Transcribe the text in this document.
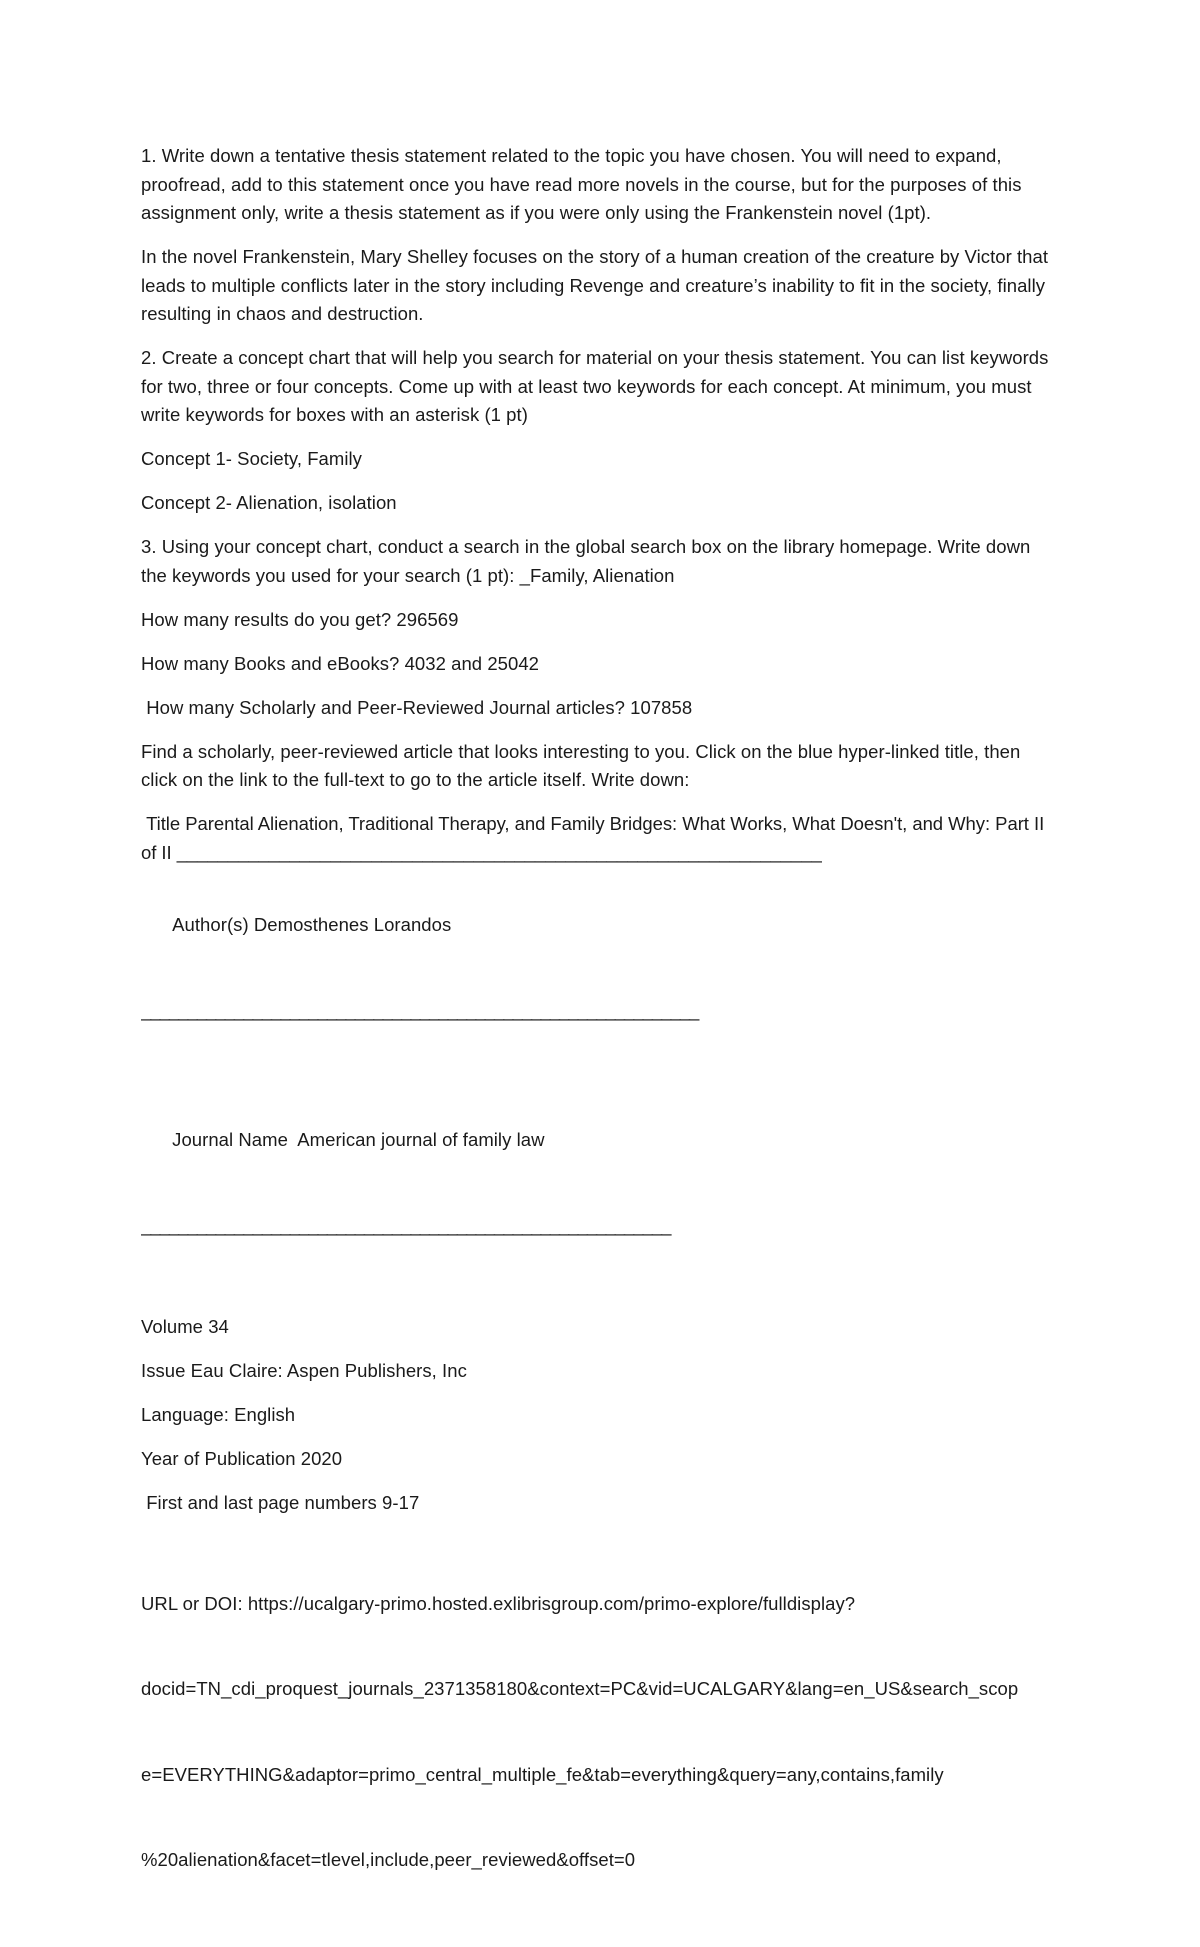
1. Write down a tentative thesis statement related to the topic you have chosen. You will need to expand, proofread, add to this statement once you have read more novels in the course, but for the purposes of this assignment only, write a thesis statement as if you were only using the Frankenstein novel (1pt).

In the novel Frankenstein, Mary Shelley focuses on the story of a human creation of the creature by Victor that leads to multiple conflicts later in the story including Revenge and creature’s inability to fit in the society, finally resulting in chaos and destruction.

2. Create a concept chart that will help you search for material on your thesis statement. You can list keywords for two, three or four concepts. Come up with at least two keywords for each concept. At minimum, you must write keywords for boxes with an asterisk (1 pt)

Concept 1- Society, Family

Concept 2- Alienation, isolation

3. Using your concept chart, conduct a search in the global search box on the library homepage. Write down the keywords you used for your search (1 pt): _Family, Alienation

How many results do you get? 296569

How many Books and eBooks? 4032 and 25042

How many Scholarly and Peer-Reviewed Journal articles? 107858

Find a scholarly, peer-reviewed article that looks interesting to you. Click on the blue hyper-linked title, then click on the link to the full-text to go to the article itself. Write down:

Title Parental Alienation, Traditional Therapy, and Family Bridges: What Works, What Doesn't, and Why: Part II of II _______________________________________________________________

Author(s) Demosthenes Lorandos

____________________________________________________________

Journal Name  American journal of family law

_________________________________________________________

Volume 34

Issue Eau Claire: Aspen Publishers, Inc

Language: English

Year of Publication 2020

First and last page numbers 9-17

URL or DOI: https://ucalgary-primo.hosted.exlibrisgroup.com/primo-explore/fulldisplay?

docid=TN_cdi_proquest_journals_2371358180&context=PC&vid=UCALGARY&lang=en_US&search_scop

e=EVERYTHING&adaptor=primo_central_multiple_fe&tab=everything&query=any,contains,family

%20alienation&facet=tlevel,include,peer_reviewed&offset=0
